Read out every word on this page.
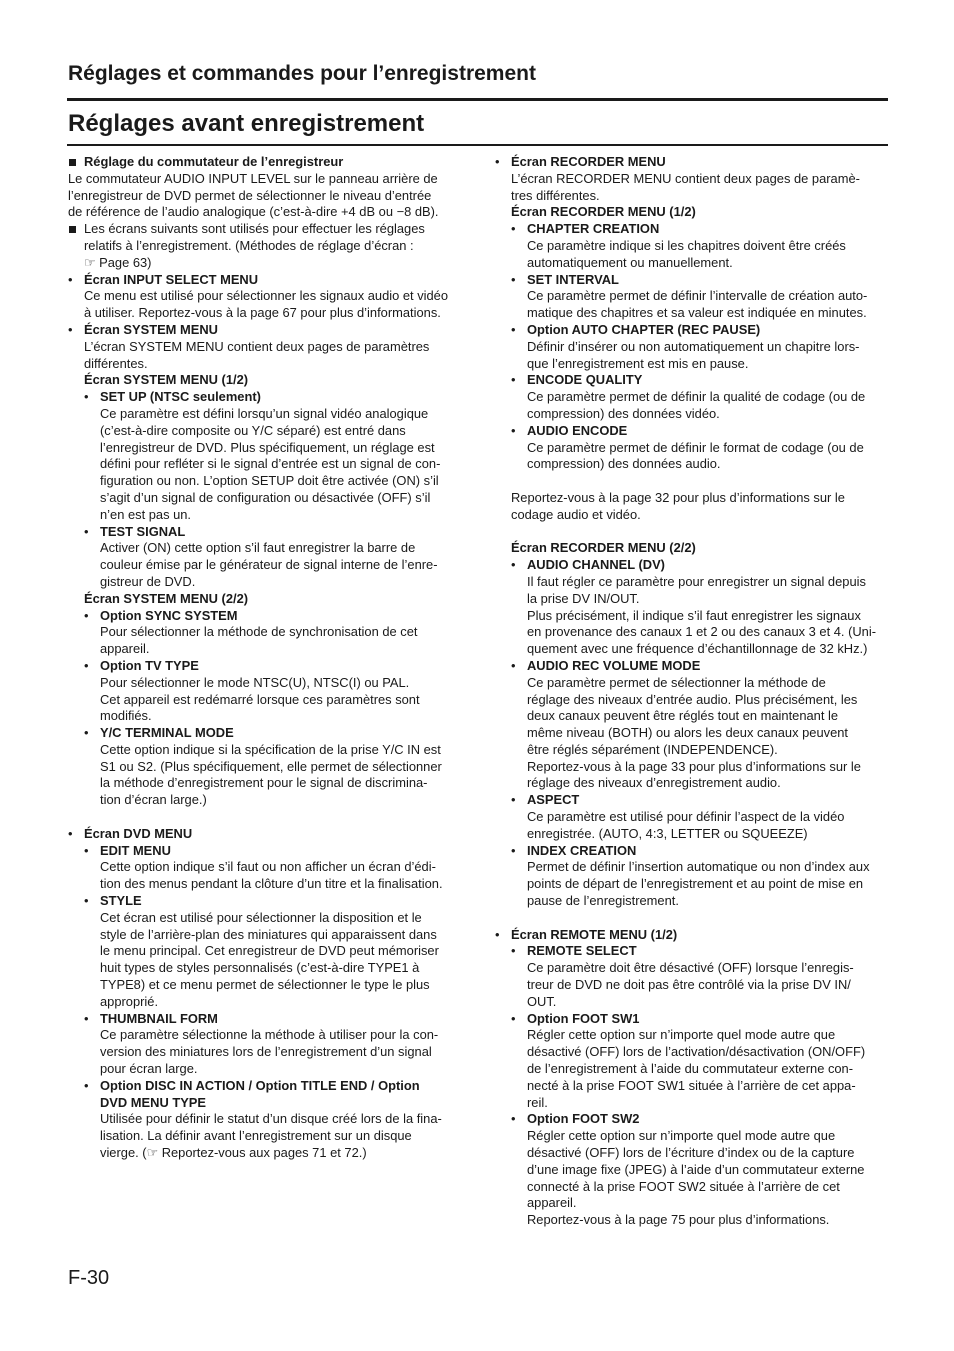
Réglages et commandes pour l’enregistrement
Réglages avant enregistrement
Réglage du commutateur de l’enregistreur
Le commutateur AUDIO INPUT LEVEL sur le panneau arrière de
l’enregistreur de DVD permet de sélectionner le niveau d’entrée
de référence de l’audio analogique (c’est-à-dire +4 dB ou −8 dB).
Les écrans suivants sont utilisés pour effectuer les réglages
relatifs à l’enregistrement. (Méthodes de réglage d’écran :
☞ Page 63)
• Écran INPUT SELECT MENU
Ce menu est utilisé pour sélectionner les signaux audio et vidéo
à utiliser. Reportez-vous à la page 67 pour plus d’informations.
• Écran SYSTEM MENU
L’écran SYSTEM MENU contient deux pages de paramètres
différentes.
Écran SYSTEM MENU (1/2)
• SET UP (NTSC seulement)
Ce paramètre est défini lorsqu’un signal vidéo analogique
(c’est-à-dire composite ou Y/C séparé) est entré dans
l’enregistreur de DVD. Plus spécifiquement, un réglage est
défini pour refléter si le signal d’entrée est un signal de con-
figuration ou non. L’option SETUP doit être activée (ON) s’il
s’agit d’un signal de configuration ou désactivée (OFF) s’il
n’en est pas un.
• TEST SIGNAL
Activer (ON) cette option s’il faut enregistrer la barre de
couleur émise par le générateur de signal interne de l’enre-
gistreur de DVD.
Écran SYSTEM MENU (2/2)
• Option SYNC SYSTEM
Pour sélectionner la méthode de synchronisation de cet
appareil.
• Option TV TYPE
Pour sélectionner le mode NTSC(U), NTSC(I) ou PAL.
Cet appareil est redémarré lorsque ces paramètres sont
modifiés.
• Y/C TERMINAL MODE
Cette option indique si la spécification de la prise Y/C IN est
S1 ou S2. (Plus spécifiquement, elle permet de sélectionner
la méthode d’enregistrement pour le signal de discrimina-
tion d’écran large.)
• Écran DVD MENU
• EDIT MENU
Cette option indique s’il faut ou non afficher un écran d’édi-
tion des menus pendant la clôture d’un titre et la finalisation.
• STYLE
Cet écran est utilisé pour sélectionner la disposition et le
style de l’arrière-plan des miniatures qui apparaissent dans
le menu principal. Cet enregistreur de DVD peut mémoriser
huit types de styles personnalisés (c’est-à-dire TYPE1 à
TYPE8) et ce menu permet de sélectionner le type le plus
approprié.
• THUMBNAIL FORM
Ce paramètre sélectionne la méthode à utiliser pour la con-
version des miniatures lors de l’enregistrement d’un signal
pour écran large.
• Option DISC IN ACTION / Option TITLE END / Option
DVD MENU TYPE
Utilisée pour définir le statut d’un disque créé lors de la fina-
lisation. La définir avant l’enregistrement sur un disque
vierge. (☞ Reportez-vous aux pages 71 et 72.)
• Écran RECORDER MENU
L’écran RECORDER MENU contient deux pages de paramè-
tres différentes.
Écran RECORDER MENU (1/2)
• CHAPTER CREATION
Ce paramètre indique si les chapitres doivent être créés
automatiquement ou manuellement.
• SET INTERVAL
Ce paramètre permet de définir l’intervalle de création auto-
matique des chapitres et sa valeur est indiquée en minutes.
• Option AUTO CHAPTER (REC PAUSE)
Définir d’insérer ou non automatiquement un chapitre lors-
que l’enregistrement est mis en pause.
• ENCODE QUALITY
Ce paramètre permet de définir la qualité de codage (ou de
compression) des données vidéo.
• AUDIO ENCODE
Ce paramètre permet de définir le format de codage (ou de
compression) des données audio.
Reportez-vous à la page 32 pour plus d’informations sur le
codage audio et vidéo.
Écran RECORDER MENU (2/2)
• AUDIO CHANNEL (DV)
Il faut régler ce paramètre pour enregistrer un signal depuis
la prise DV IN/OUT.
Plus précisément, il indique s’il faut enregistrer les signaux
en provenance des canaux 1 et 2 ou des canaux 3 et 4. (Uni-
quement avec une fréquence d’échantillonnage de 32 kHz.)
• AUDIO REC VOLUME MODE
Ce paramètre permet de sélectionner la méthode de
réglage des niveaux d’entrée audio. Plus précisément, les
deux canaux peuvent être réglés tout en maintenant le
même niveau (BOTH) ou alors les deux canaux peuvent
être réglés séparément (INDEPENDENCE).
Reportez-vous à la page 33 pour plus d’informations sur le
réglage des niveaux d’enregistrement audio.
• ASPECT
Ce paramètre est utilisé pour définir l’aspect de la vidéo
enregistrée. (AUTO, 4:3, LETTER ou SQUEEZE)
• INDEX CREATION
Permet de définir l’insertion automatique ou non d’index aux
points de départ de l’enregistrement et au point de mise en
pause de l’enregistrement.
• Écran REMOTE MENU (1/2)
• REMOTE SELECT
Ce paramètre doit être désactivé (OFF) lorsque l’enregis-
treur de DVD ne doit pas être contrôlé via la prise DV IN/
OUT.
• Option FOOT SW1
Régler cette option sur n’importe quel mode autre que
désactivé (OFF) lors de l’activation/désactivation (ON/OFF)
de l’enregistrement à l’aide du commutateur externe con-
necté à la prise FOOT SW1 située à l’arrière de cet appa-
reil.
• Option FOOT SW2
Régler cette option sur n’importe quel mode autre que
désactivé (OFF) lors de l’écriture d’index ou de la capture
d’une image fixe (JPEG) à l’aide d’un commutateur externe
connecté à la prise FOOT SW2 située à l’arrière de cet
appareil.
Reportez-vous à la page 75 pour plus d’informations.
F-30
